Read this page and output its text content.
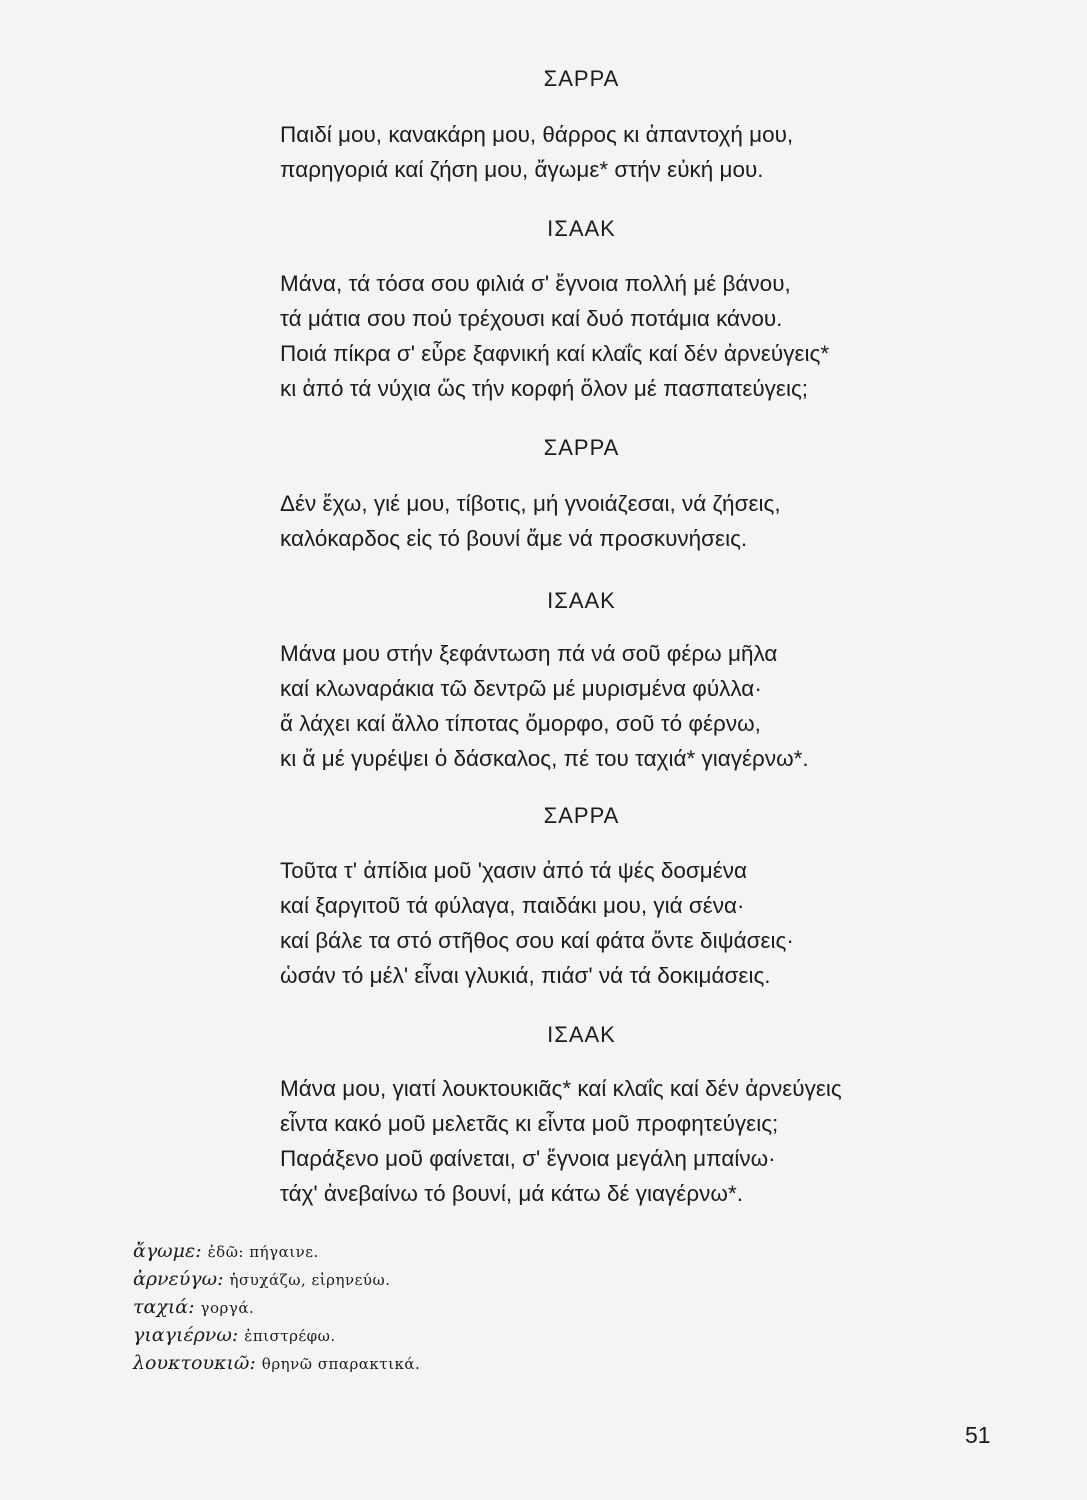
ΣΑΡΡΑ
Παιδί μου, κανακάρη μου, θάρρος κι ἀπαντοχή μου,
παρηγοριά καί ζήση μου, ἄγωμε* στήν εὐκή μου.
ΙΣΑΑΚ
Μάνα, τά τόσα σου φιλιά σ' ἔγνοια πολλή μέ βάνου,
τά μάτια σου πού τρέχουσι καί δυό ποτάμια κάνου.
Ποιά πίκρα σ' εὖρε ξαφνική καί κλαΐς καί δέν ἀρνεύγεις*
κι ἀπό τά νύχια ὥς τήν κορφή ὅλον μέ πασπατεύγεις;
ΣΑΡΡΑ
Δέν ἔχω, γιέ μου, τίβοτις, μή γνοιάζεσαι, νά ζήσεις,
καλόκαρδος εἰς τό βουνί ἄμε νά προσκυνήσεις.
ΙΣΑΑΚ
Μάνα μου στήν ξεφάντωση πά νά σοῦ φέρω μῆλα
καί κλωναράκια τῶ δεντρῶ μέ μυρισμένα φύλλα·
ἄ λάχει καί ἄλλο τίποτας ὄμορφο, σοῦ τό φέρνω,
κι ἄ μέ γυρέψει ὁ δάσκαλος, πέ του ταχιά* γιαγέρνω*.
ΣΑΡΡΑ
Τοῦτα τ' ἀπίδια μοῦ 'χασιν ἀπό τά ψές δοσμένα
καί ξαργιτοῦ τά φύλαγα, παιδάκι μου, γιά σένα·
καί βάλε τα στό στῆθος σου καί φάτα ὄντε διψάσεις·
ὡσάν τό μέλ' εἶναι γλυκιά, πιάσ' νά τά δοκιμάσεις.
ΙΣΑΑΚ
Μάνα μου, γιατί λουκτουκιᾶς* καί κλαΐς καί δέν ἀρνεύγεις
εἶντα κακό μοῦ μελετᾶς κι εἶντα μοῦ προφητεύγεις;
Παράξενο μοῦ φαίνεται, σ' ἔγνοια μεγάλη μπαίνω·
τάχ' ἀνεβαίνω τό βουνί, μά κάτω δέ γιαγέρνω*.
ἄγωμε: ἐδῶ: πήγαινε.
ἀρνεύγω: ἡσυχάζω, εἰρηνεύω.
ταχιά: γοργά.
γιαγιέρνω: ἐπιστρέφω.
λουκτουκιῶ: θρηνῶ σπαρακτικά.
51
